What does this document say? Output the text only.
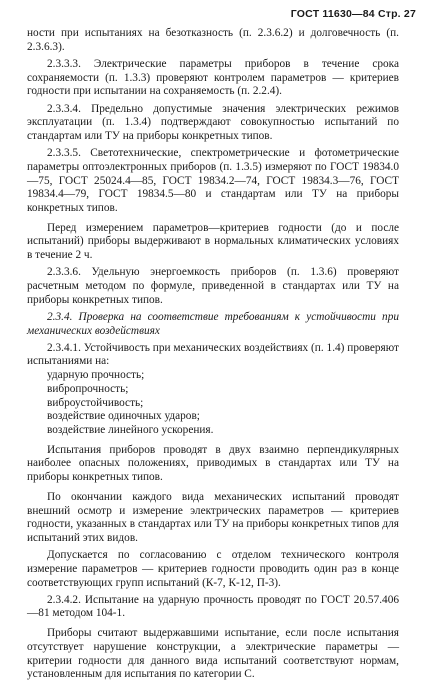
ГОСТ 11630—84 Стр. 27

ности при испытаниях на безотказность (п. 2.3.6.2) и долговечность (п. 2.3.6.3).

2.3.3.3. Электрические параметры приборов в течение срока сохраняемости (п. 1.3.3) проверяют контролем параметров — критериев годности при испытании на сохраняемость (п. 2.2.4).

2.3.3.4. Предельно допустимые значения электрических режимов эксплуатации (п. 1.3.4) подтверждают совокупностью испытаний по стандартам или ТУ на приборы конкретных типов.

2.3.3.5. Светотехнические, спектрометрические и фотометрические параметры оптоэлектронных приборов (п. 1.3.5) измеряют по ГОСТ 19834.0—75, ГОСТ 25024.4—85, ГОСТ 19834.2—74, ГОСТ 19834.3—76, ГОСТ 19834.4—79, ГОСТ 19834.5—80 и стандартам или ТУ на приборы конкретных типов.

Перед измерением параметров—критериев годности (до и после испытаний) приборы выдерживают в нормальных климатических условиях в течение 2 ч.

2.3.3.6. Удельную энергоемкость приборов (п. 1.3.6) проверяют расчетным методом по формуле, приведенной в стандартах или ТУ на приборы конкретных типов.

2.3.4. Проверка на соответствие требованиям к устойчивости при механических воздействиях

2.3.4.1. Устойчивость при механических воздействиях (п. 1.4) проверяют испытаниями на:

ударную прочность;

вибропрочность;

виброустойчивость;

воздействие одиночных ударов;

воздействие линейного ускорения.

Испытания приборов проводят в двух взаимно перпендикулярных наиболее опасных положениях, приводимых в стандартах или ТУ на приборы конкретных типов.

По окончании каждого вида механических испытаний проводят внешний осмотр и измерение электрических параметров — критериев годности, указанных в стандартах или ТУ на приборы конкретных типов для испытаний этих видов.

Допускается по согласованию с отделом технического контроля измерение параметров — критериев годности проводить один раз в конце соответствующих групп испытаний (К-7, К-12, П-3).

2.3.4.2. Испытание на ударную прочность проводят по ГОСТ 20.57.406—81 методом 104-1.

Приборы считают выдержавшими испытание, если после испытания отсутствует нарушение конструкции, а электрические параметры — критерии годности для данного вида испытаний соответствуют нормам, установленным для испытания по категории С.
